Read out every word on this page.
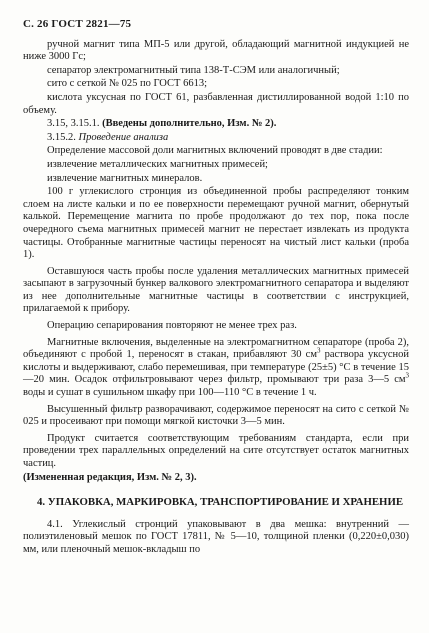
С. 26 ГОСТ 2821—75

ручной магнит типа МП-5 или другой, обладающий магнитной индукцией не ниже 3000 Гс;

сепаратор электромагнитный типа 138-Т-СЭМ или аналогичный;

сито с сеткой № 025 по ГОСТ 6613;

кислота уксусная по ГОСТ 61, разбавленная дистиллированной водой 1:10 по объему.

3.15, 3.15.1. (Введены дополнительно, Изм. № 2).

3.15.2. Проведение анализа

Определение массовой доли магнитных включений проводят в две стадии:

извлечение металлических магнитных примесей;

извлечение магнитных минералов.

100 г углекислого стронция из объединенной пробы распределяют тонким слоем на листе кальки и по ее поверхности перемещают ручной магнит, обернутый калькой. Перемещение магнита по пробе продолжают до тех пор, пока после очередного съема магнитных примесей магнит не перестает извлекать из продукта частицы. Отобранные магнитные частицы переносят на чистый лист кальки (проба 1).

Оставшуюся часть пробы после удаления металлических магнитных примесей засыпают в загрузочный бункер валкового электромагнитного сепаратора и выделяют из нее дополнительные магнитные частицы в соответствии с инструкцией, прилагаемой к прибору.

Операцию сепарирования повторяют не менее трех раз.

Магнитные включения, выделенные на электромагнитном сепараторе (проба 2), объединяют с пробой 1, переносят в стакан, прибавляют 30 $см^3$ раствора уксусной кислоты и выдерживают, слабо перемешивая, при температуре (25±5) °С в течение 15—20 мин. Осадок отфильтровывают через фильтр, промывают три раза 3—5 $см^3$ воды и сушат в сушильном шкафу при 100—110 °С в течение 1 ч.

Высушенный фильтр разворачивают, содержимое переносят на сито с сеткой № 025 и просеивают при помощи мягкой кисточки 3—5 мин.

Продукт считается соответствующим требованиям стандарта, если при проведении трех параллельных определений на сите отсутствует остаток магнитных частиц.

(Измененная редакция, Изм. № 2, 3).

4. УПАКОВКА, МАРКИРОВКА, ТРАНСПОРТИРОВАНИЕ И ХРАНЕНИЕ

4.1. Углекислый стронций упаковывают в два мешка: внутренний — полиэтиленовый мешок по ГОСТ 17811, № 5—10, толщиной пленки (0,220±0,030) мм, или пленочный мешок-вкладыш по
